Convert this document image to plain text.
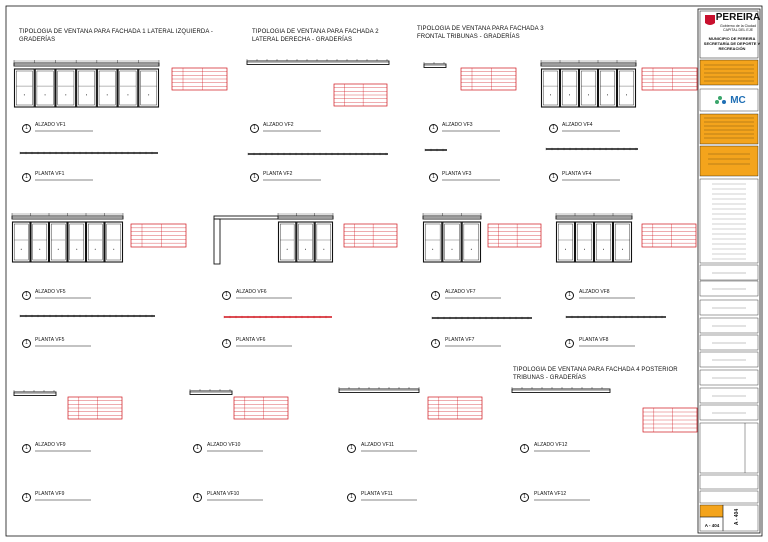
TIPOLOGIA DE VENTANA PARA FACHADA 1 LATERAL IZQUIERDA -
GRADERÍAS
TIPOLOGIA DE VENTANA PARA FACHADA 2
LATERAL DERECHA - GRADERÍAS
TIPOLOGIA DE VENTANA PARA FACHADA 3
FRONTAL TRIBUNAS - GRADERÍAS
TIPOLOGIA DE VENTANA PARA FACHADA 4 POSTERIOR
TRIBUNAS - GRADERÍAS
ALZADO VF1
PLANTA VF1
ALZADO VF2
PLANTA VF2
ALZADO VF3
PLANTA VF3
ALZADO VF4
PLANTA VF4
ALZADO VF5
PLANTA VF5
ALZADO VF6
PLANTA VF6
ALZADO VF7
PLANTA VF7
ALZADO VF8
PLANTA VF8
ALZADO VF9
PLANTA VF9
ALZADO VF10
PLANTA VF10
ALZADO VF11
PLANTA VF11
ALZADO VF12
PLANTA VF12
1
1
1
1
1
1
1
1
1
1
1
1
1
1
1
1
1
1
1
1
1
1
1
1
PEREIRA
Gobierno de la Ciudad
CAPITAL DEL EJE
MUNICIPIO DE PEREIRA
SECRETARÍA DE DEPORTE Y
RECREACIÓN
MC
A - 404
A - 404
